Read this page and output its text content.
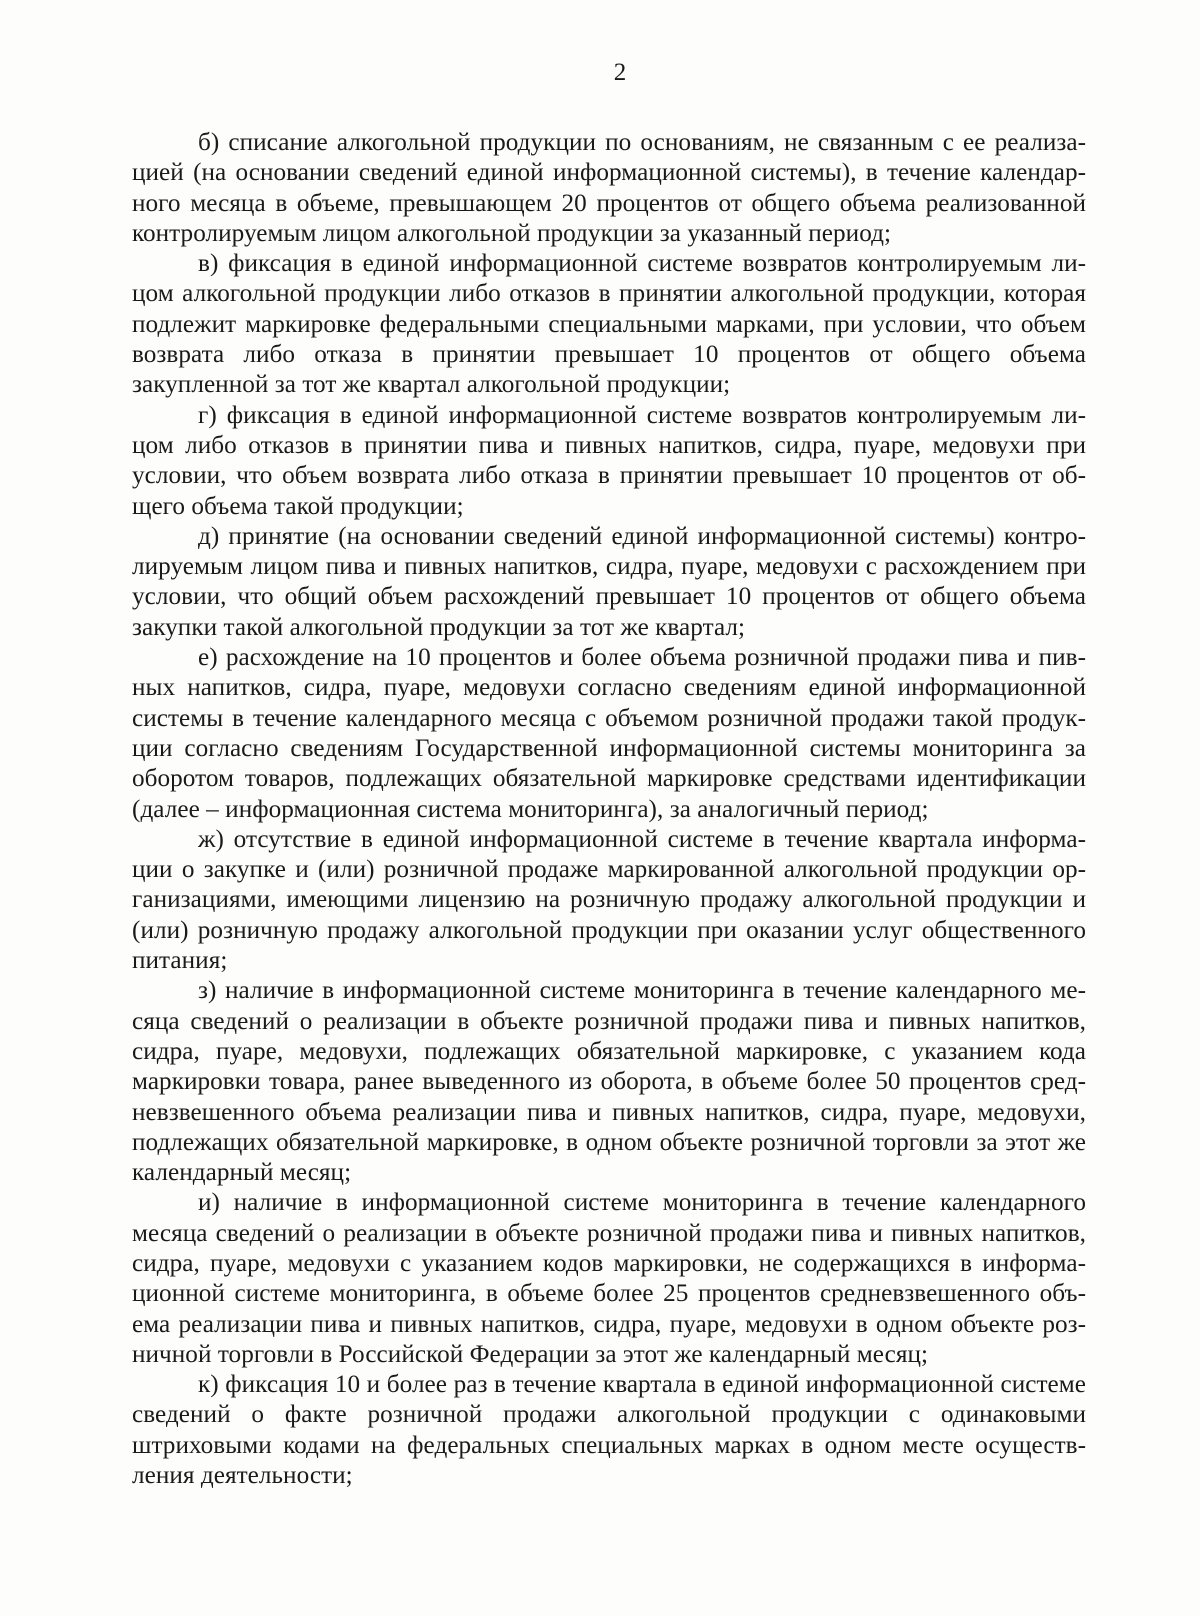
2

б) списание алкогольной продукции по основаниям, не связанным с ее реализацией (на основании сведений единой информационной системы), в течение календарного месяца в объеме, превышающем 20 процентов от общего объема реализованной контролируемым лицом алкогольной продукции за указанный период;

в) фиксация в единой информационной системе возвратов контролируемым лицом алкогольной продукции либо отказов в принятии алкогольной продукции, которая подлежит маркировке федеральными специальными марками, при условии, что объем возврата либо отказа в принятии превышает 10 процентов от общего объема закупленной за тот же квартал алкогольной продукции;

г) фиксация в единой информационной системе возвратов контролируемым лицом либо отказов в принятии пива и пивных напитков, сидра, пуаре, медовухи при условии, что объем возврата либо отказа в принятии превышает 10 процентов от общего объема такой продукции;

д) принятие (на основании сведений единой информационной системы) контролируемым лицом пива и пивных напитков, сидра, пуаре, медовухи с расхождением при условии, что общий объем расхождений превышает 10 процентов от общего объема закупки такой алкогольной продукции за тот же квартал;

е) расхождение на 10 процентов и более объема розничной продажи пива и пивных напитков, сидра, пуаре, медовухи согласно сведениям единой информационной системы в течение календарного месяца с объемом розничной продажи такой продукции согласно сведениям Государственной информационной системы мониторинга за оборотом товаров, подлежащих обязательной маркировке средствами идентификации (далее – информационная система мониторинга), за аналогичный период;

ж) отсутствие в единой информационной системе в течение квартала информации о закупке и (или) розничной продаже маркированной алкогольной продукции организациями, имеющими лицензию на розничную продажу алкогольной продукции и (или) розничную продажу алкогольной продукции при оказании услуг общественного питания;

з) наличие в информационной системе мониторинга в течение календарного месяца сведений о реализации в объекте розничной продажи пива и пивных напитков, сидра, пуаре, медовухи, подлежащих обязательной маркировке, с указанием кода маркировки товара, ранее выведенного из оборота, в объеме более 50 процентов средневзвешенного объема реализации пива и пивных напитков, сидра, пуаре, медовухи, подлежащих обязательной маркировке, в одном объекте розничной торговли за этот же календарный месяц;

и) наличие в информационной системе мониторинга в течение календарного месяца сведений о реализации в объекте розничной продажи пива и пивных напитков, сидра, пуаре, медовухи с указанием кодов маркировки, не содержащихся в информационной системе мониторинга, в объеме более 25 процентов средневзвешенного объема реализации пива и пивных напитков, сидра, пуаре, медовухи в одном объекте розничной торговли в Российской Федерации за этот же календарный месяц;

к) фиксация 10 и более раз в течение квартала в единой информационной системе сведений о факте розничной продажи алкогольной продукции с одинаковыми штриховыми кодами на федеральных специальных марках в одном месте осуществления деятельности;
